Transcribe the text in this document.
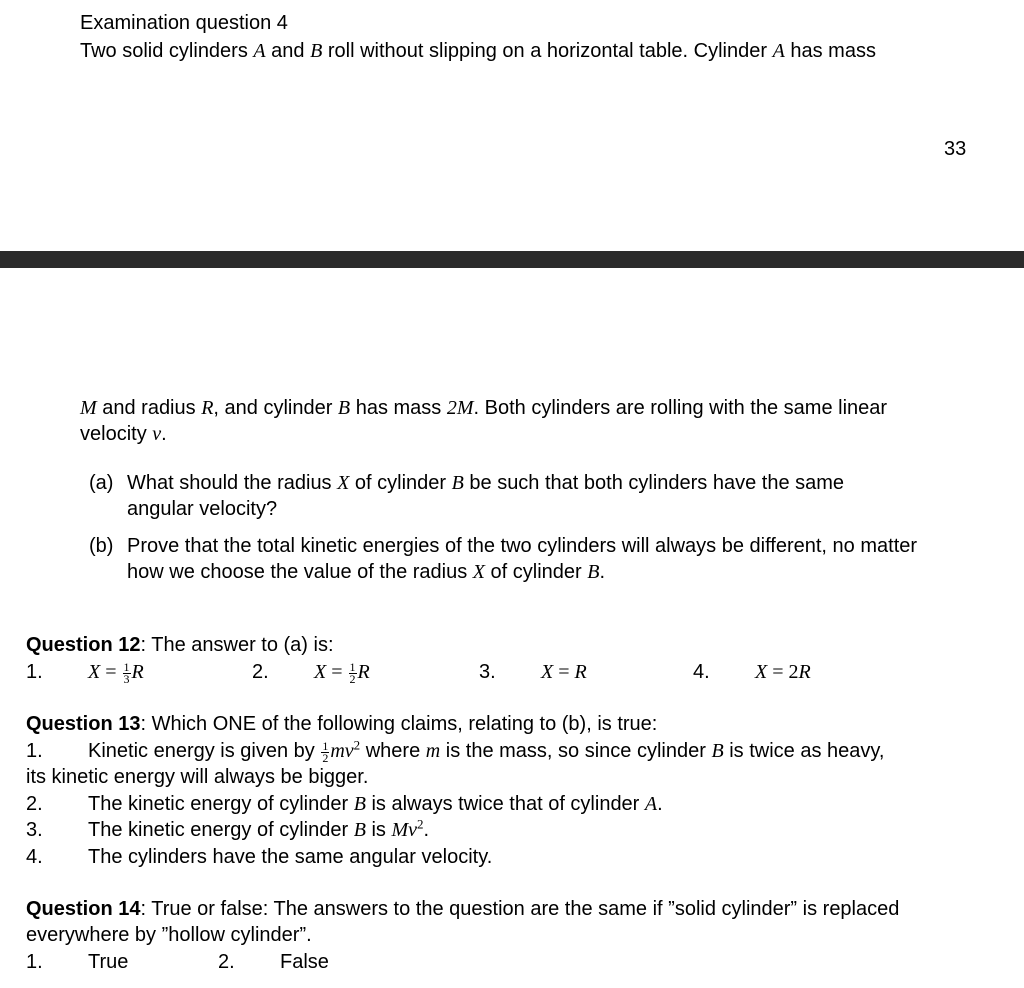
Examination question 4
Two solid cylinders A and B roll without slipping on a horizontal table. Cylinder A has mass
33
M and radius R, and cylinder B has mass 2M. Both cylinders are rolling with the same linear
velocity v.
(a) What should the radius X of cylinder B be such that both cylinders have the same
angular velocity?
(b) Prove that the total kinetic energies of the two cylinders will always be different, no matter
how we choose the value of the radius X of cylinder B.
Question 12: The answer to (a) is:
1. $X = \frac{1}{3}$ R	2. $X = \frac{1}{2}$ R	3. X = R	4. X = 2R
Question 13: Which ONE of the following claims, relating to (b), is true:
1. Kinetic energy is given by $\frac{1}{2} mv^2$ where m is the mass, so since cylinder B is twice as heavy,
its kinetic energy will always be bigger.
2. The kinetic energy of cylinder B is always twice that of cylinder A.
3. The kinetic energy of cylinder B is Mv$^2$.
4. The cylinders have the same angular velocity.
Question 14: True or false: The answers to the question are the same if ”solid cylinder” is replaced
everywhere by ”hollow cylinder”.
1. True	2. False
